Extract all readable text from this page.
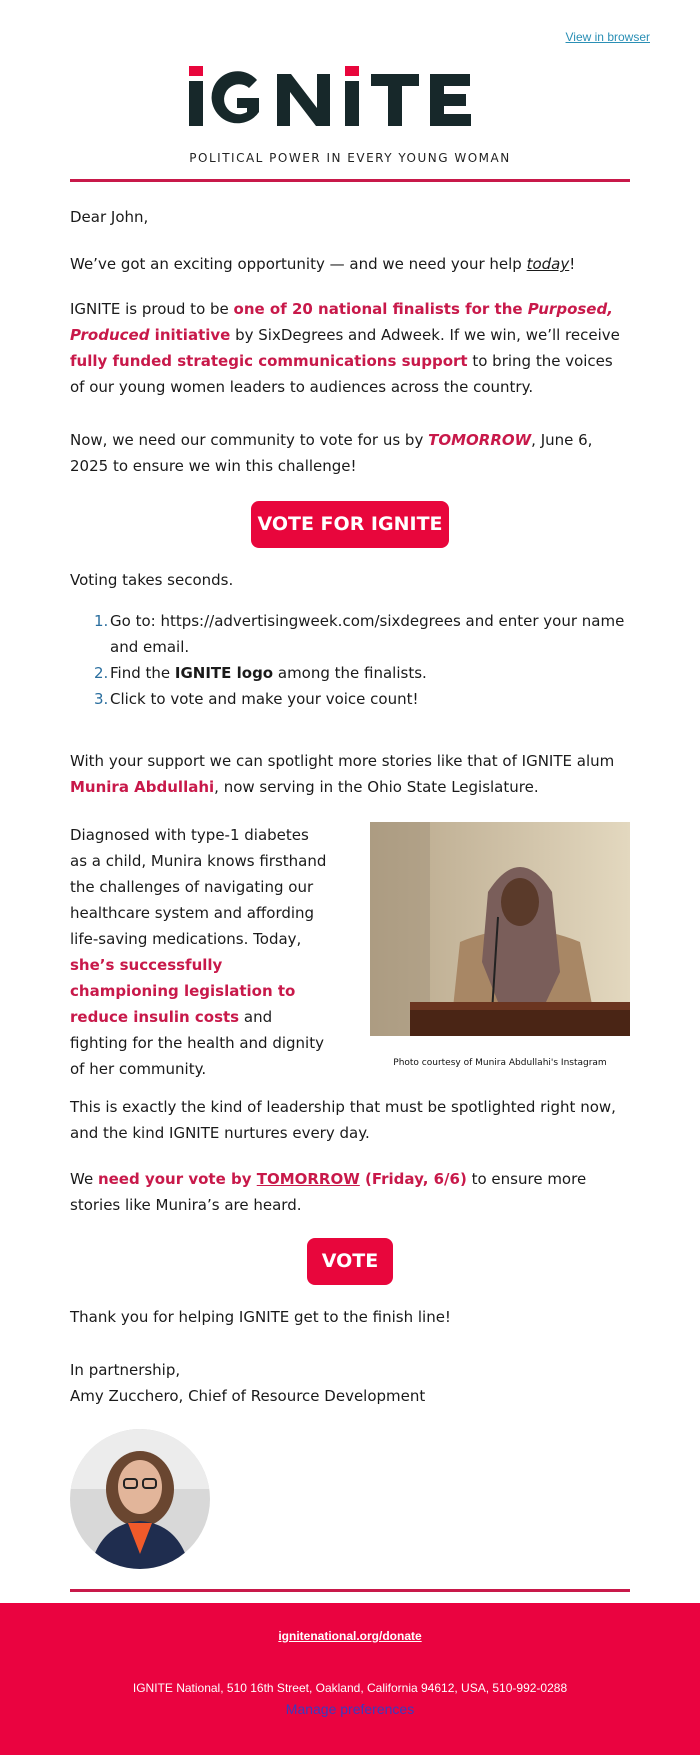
View in browser
POLITICAL POWER IN EVERY YOUNG WOMAN

Dear John,

We’ve got an exciting opportunity — and we need your help today!

IGNITE is proud to be one of 20 national finalists for the Purposed, Produced initiative by SixDegrees and Adweek. If we win, we’ll receive fully funded strategic communications support to bring the voices of our young women leaders to audiences across the country.

Now, we need our community to vote for us by TOMORROW, June 6, 2025 to ensure we win this challenge!

VOTE FOR IGNITE

Voting takes seconds.

1. Go to: https://advertisingweek.com/sixdegrees and enter your name and email.
2. Find the IGNITE logo among the finalists.
3. Click to vote and make your voice count!

With your support we can spotlight more stories like that of IGNITE alum Munira Abdullahi, now serving in the Ohio State Legislature.

Diagnosed with type-1 diabetes as a child, Munira knows firsthand the challenges of navigating our healthcare system and affording life-saving medications. Today, she’s successfully championing legislation to reduce insulin costs and fighting for the health and dignity of her community.	Photo courtesy of Munira Abdullahi's Instagram

This is exactly the kind of leadership that must be spotlighted right now, and the kind IGNITE nurtures every day.

We need your vote by TOMORROW (Friday, 6/6) to ensure more stories like Munira’s are heard.

VOTE

Thank you for helping IGNITE get to the finish line!

In partnership,

Amy Zucchero, Chief of Resource Development

ignitenational.org/donate
IGNITE National, 510 16th Street, Oakland, California 94612, USA, 510-992-0288
Manage preferences
